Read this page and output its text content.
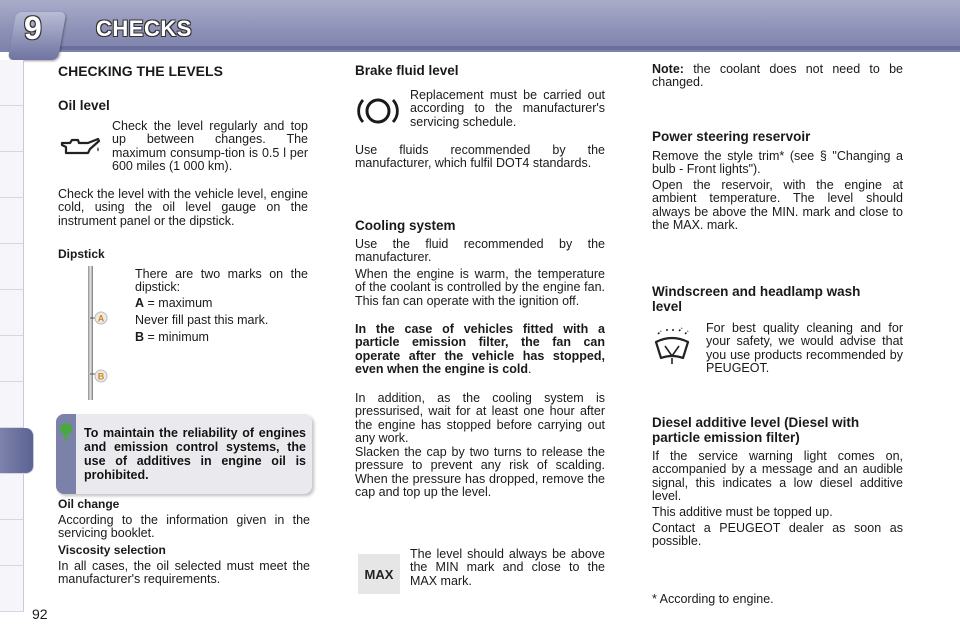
9 CHECKS
92
CHECKING THE LEVELS
Oil level
Check the level regularly and top up between changes. The maximum consump-tion is 0.5 l per 600 miles (1 000 km).
Check the level with the vehicle level, engine cold, using the oil level gauge on the instrument panel or the dipstick.
Dipstick
A
B
There are two marks on the dipstick:
A = maximum
Never fill past this mark.
B = minimum
To maintain the reliability of engines and emission control systems, the use of additives in engine oil is prohibited.
Oil change
According to the information given in the servicing booklet.
Viscosity selection
In all cases, the oil selected must meet the manufacturer's requirements.
Brake fluid level
Replacement must be carried out according to the manufacturer's servicing schedule.
Use fluids recommended by the manufacturer, which fulfil DOT4 standards.
Cooling system
Use the fluid recommended by the manufacturer.
When the engine is warm, the temperature of the coolant is controlled by the engine fan. This fan can operate with the ignition off.
In the case of vehicles fitted with a particle emission filter, the fan can operate after the vehicle has stopped, even when the engine is cold.
In addition, as the cooling system is pressurised, wait for at least one hour after the engine has stopped before carrying out any work.
Slacken the cap by two turns to release the pressure to prevent any risk of scalding. When the pressure has dropped, remove the cap and top up the level.
MAX
The level should always be above the MIN mark and close to the MAX mark.
Note: the coolant does not need to be changed.
Power steering reservoir
Remove the style trim* (see § "Changing a bulb - Front lights").
Open the reservoir, with the engine at ambient temperature. The level should always be above the MIN. mark and close to the MAX. mark.
Windscreen and headlamp wash level
For best quality cleaning and for your safety, we would advise that you use products recommended by PEUGEOT.
Diesel additive level (Diesel with particle emission filter)
If the service warning light comes on, accompanied by a message and an audible signal, this indicates a low diesel additive level.
This additive must be topped up.
Contact a PEUGEOT dealer as soon as possible.
* According to engine.
